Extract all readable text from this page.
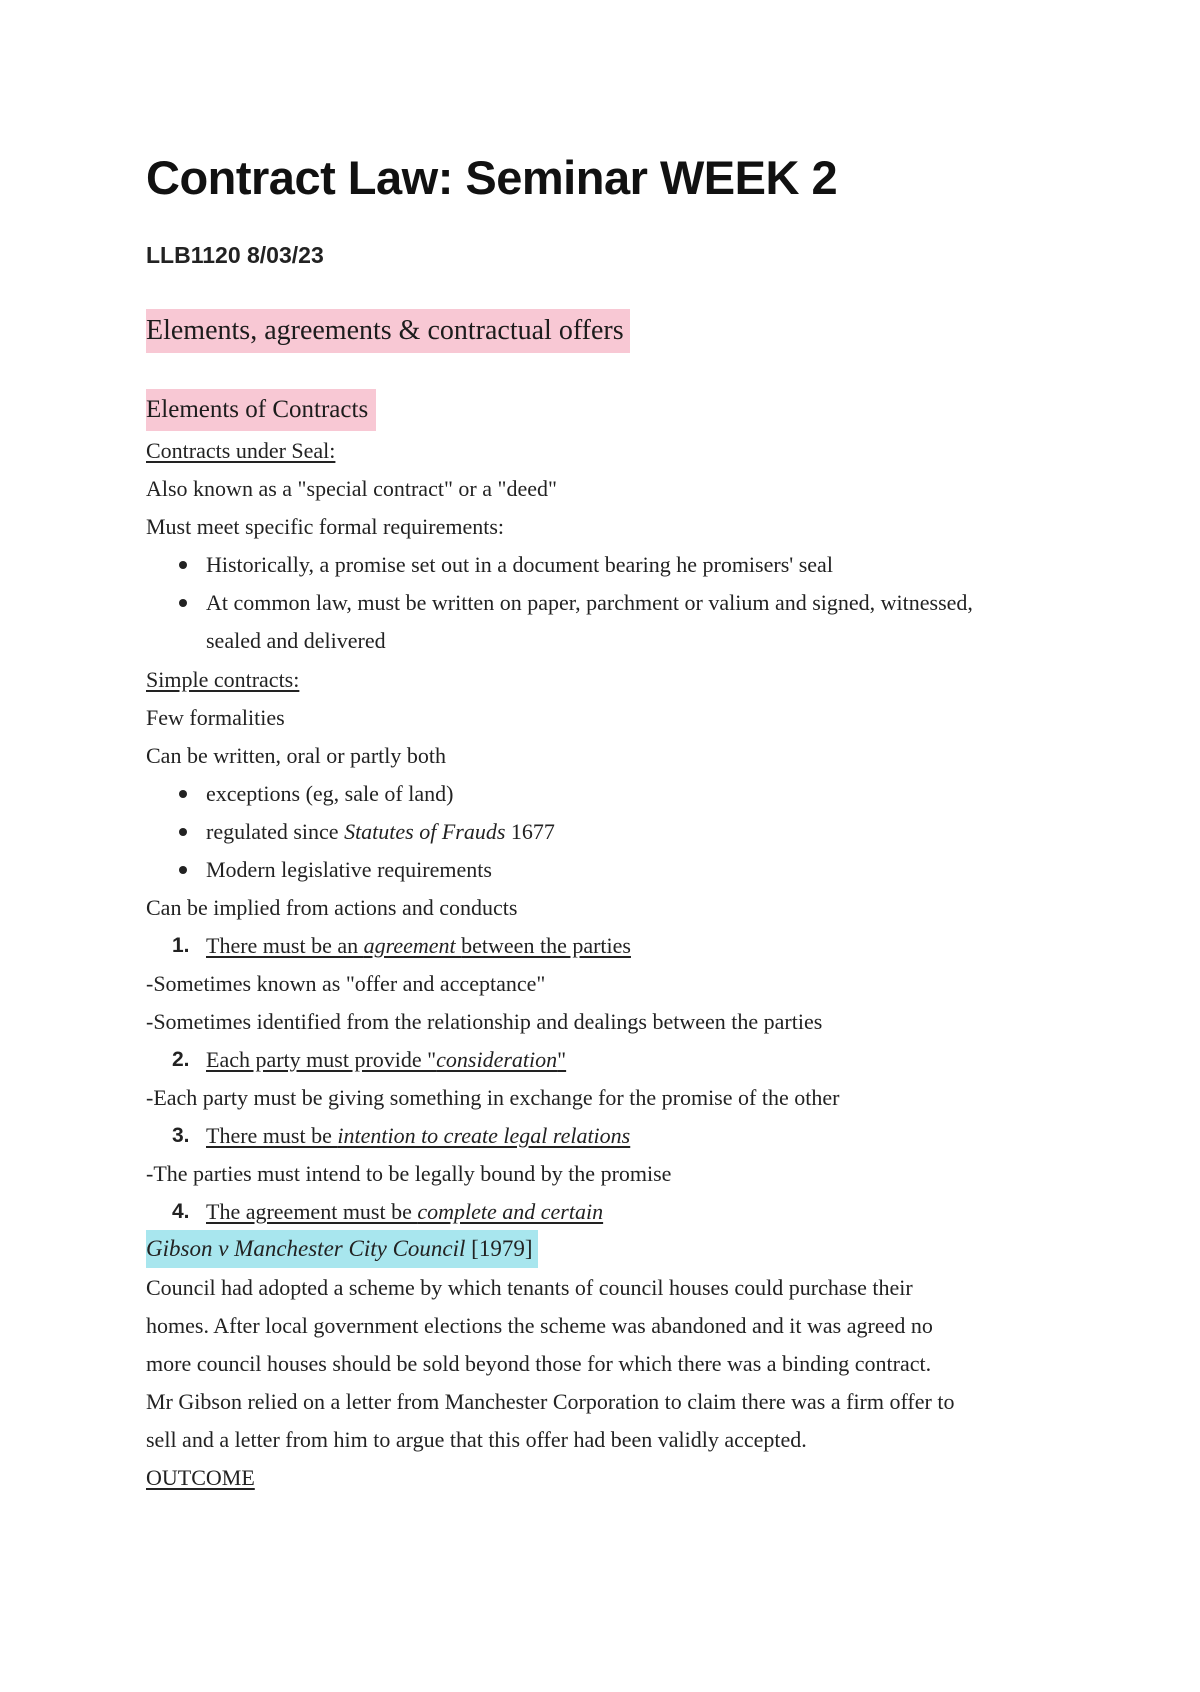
Contract Law: Seminar WEEK 2
LLB1120 8/03/23
Elements, agreements & contractual offers
Elements of Contracts
Contracts under Seal:
Also known as a "special contract" or a "deed"
Must meet specific formal requirements:
Historically, a promise set out in a document bearing he promisers' seal
At common law, must be written on paper, parchment or valium and signed, witnessed,
sealed and delivered
Simple contracts:
Few formalities
Can be written, oral or partly both
exceptions (eg, sale of land)
regulated since Statutes of Frauds 1677
Modern legislative requirements
Can be implied from actions and conducts
1. There must be an agreement between the parties
-Sometimes known as "offer and acceptance"
-Sometimes identified from the relationship and dealings between the parties
2. Each party must provide "consideration"
-Each party must be giving something in exchange for the promise of the other
3. There must be intention to create legal relations
-The parties must intend to be legally bound by the promise
4. The agreement must be complete and certain
Gibson v Manchester City Council [1979]
Council had adopted a scheme by which tenants of council houses could purchase their
homes. After local government elections the scheme was abandoned and it was agreed no
more council houses should be sold beyond those for which there was a binding contract.
Mr Gibson relied on a letter from Manchester Corporation to claim there was a firm offer to
sell and a letter from him to argue that this offer had been validly accepted.
OUTCOME
